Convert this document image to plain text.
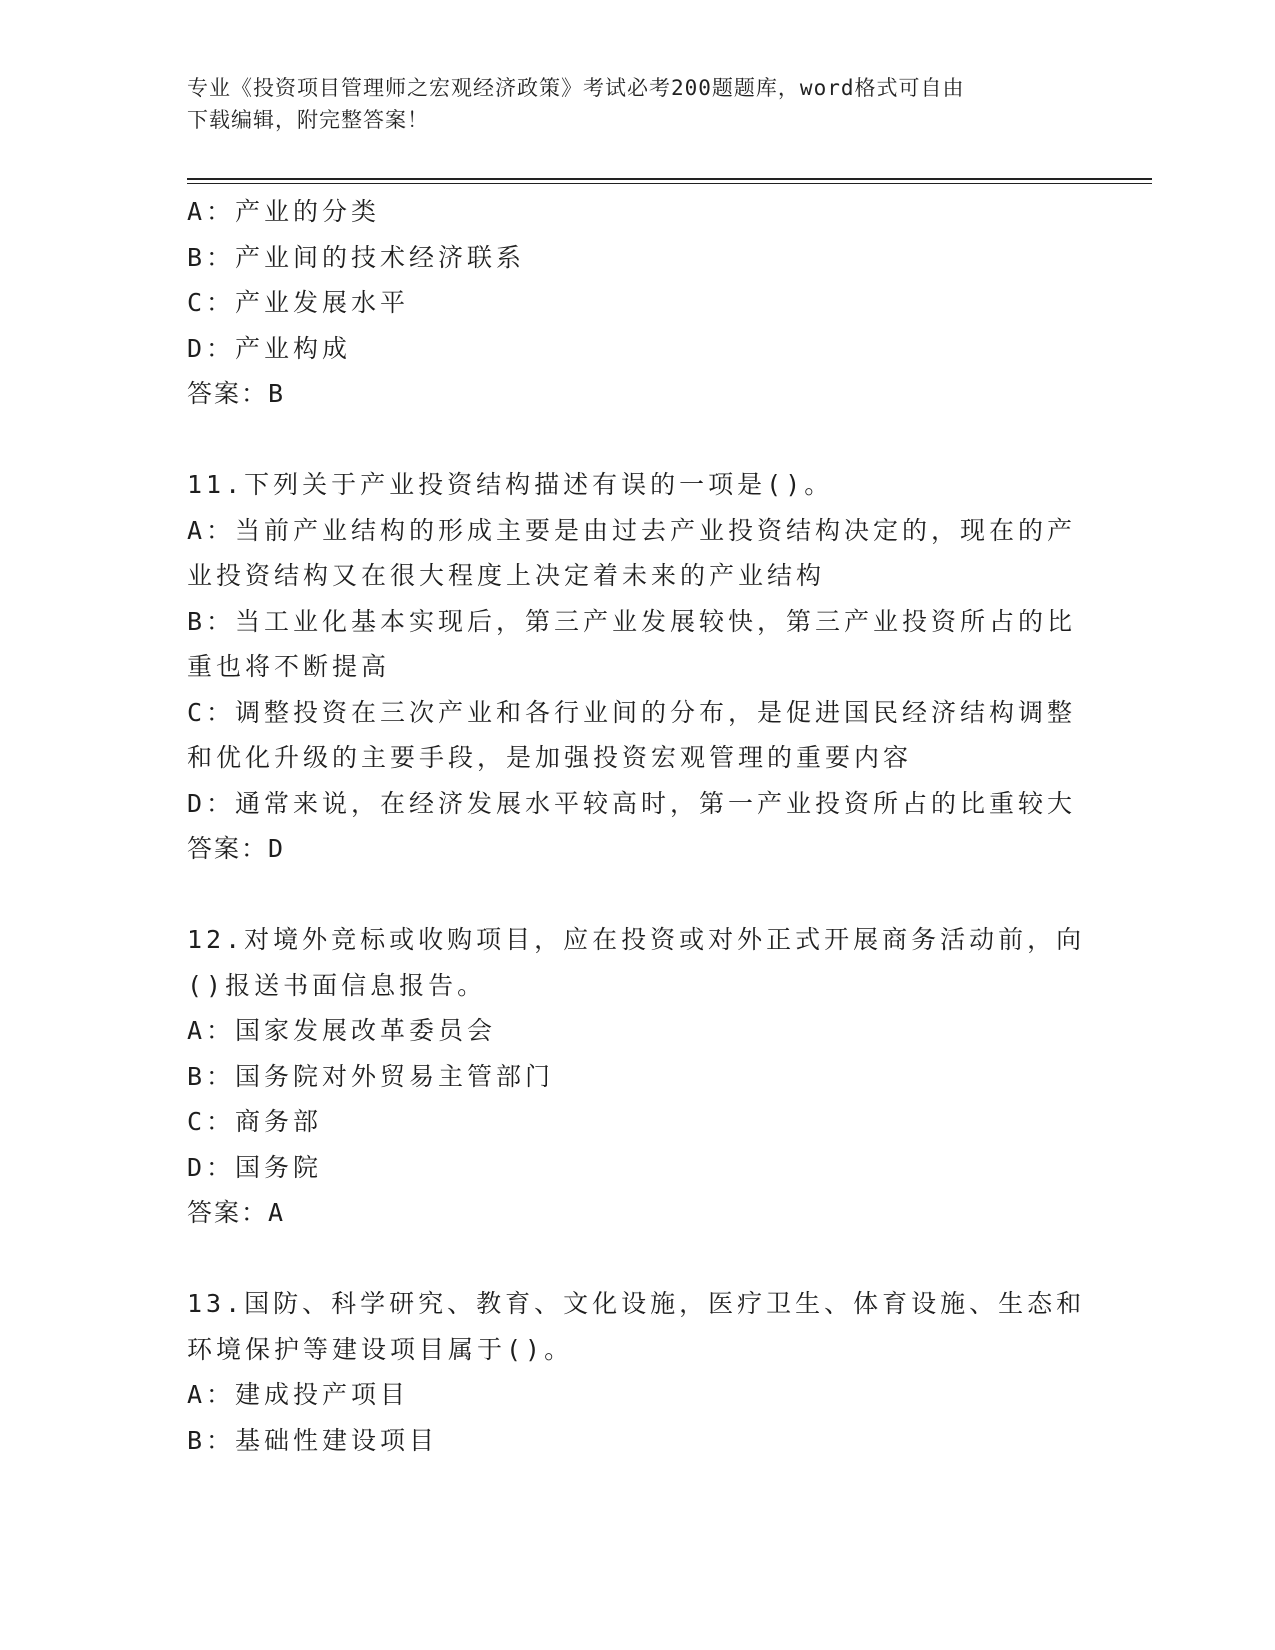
专业《投资项目管理师之宏观经济政策》考试必考200题题库，word格式可自由
下载编辑，附完整答案！
A：产业的分类
B：产业间的技术经济联系
C：产业发展水平
D：产业构成
答案：B
11.下列关于产业投资结构描述有误的一项是()。
A：当前产业结构的形成主要是由过去产业投资结构决定的，现在的产
业投资结构又在很大程度上决定着未来的产业结构
B：当工业化基本实现后，第三产业发展较快，第三产业投资所占的比
重也将不断提高
C：调整投资在三次产业和各行业间的分布，是促进国民经济结构调整
和优化升级的主要手段，是加强投资宏观管理的重要内容
D：通常来说，在经济发展水平较高时，第一产业投资所占的比重较大
答案：D
12.对境外竞标或收购项目，应在投资或对外正式开展商务活动前，向
()报送书面信息报告。
A：国家发展改革委员会
B：国务院对外贸易主管部门
C：商务部
D：国务院
答案：A
13.国防、科学研究、教育、文化设施，医疗卫生、体育设施、生态和
环境保护等建设项目属于()。
A：建成投产项目
B：基础性建设项目
